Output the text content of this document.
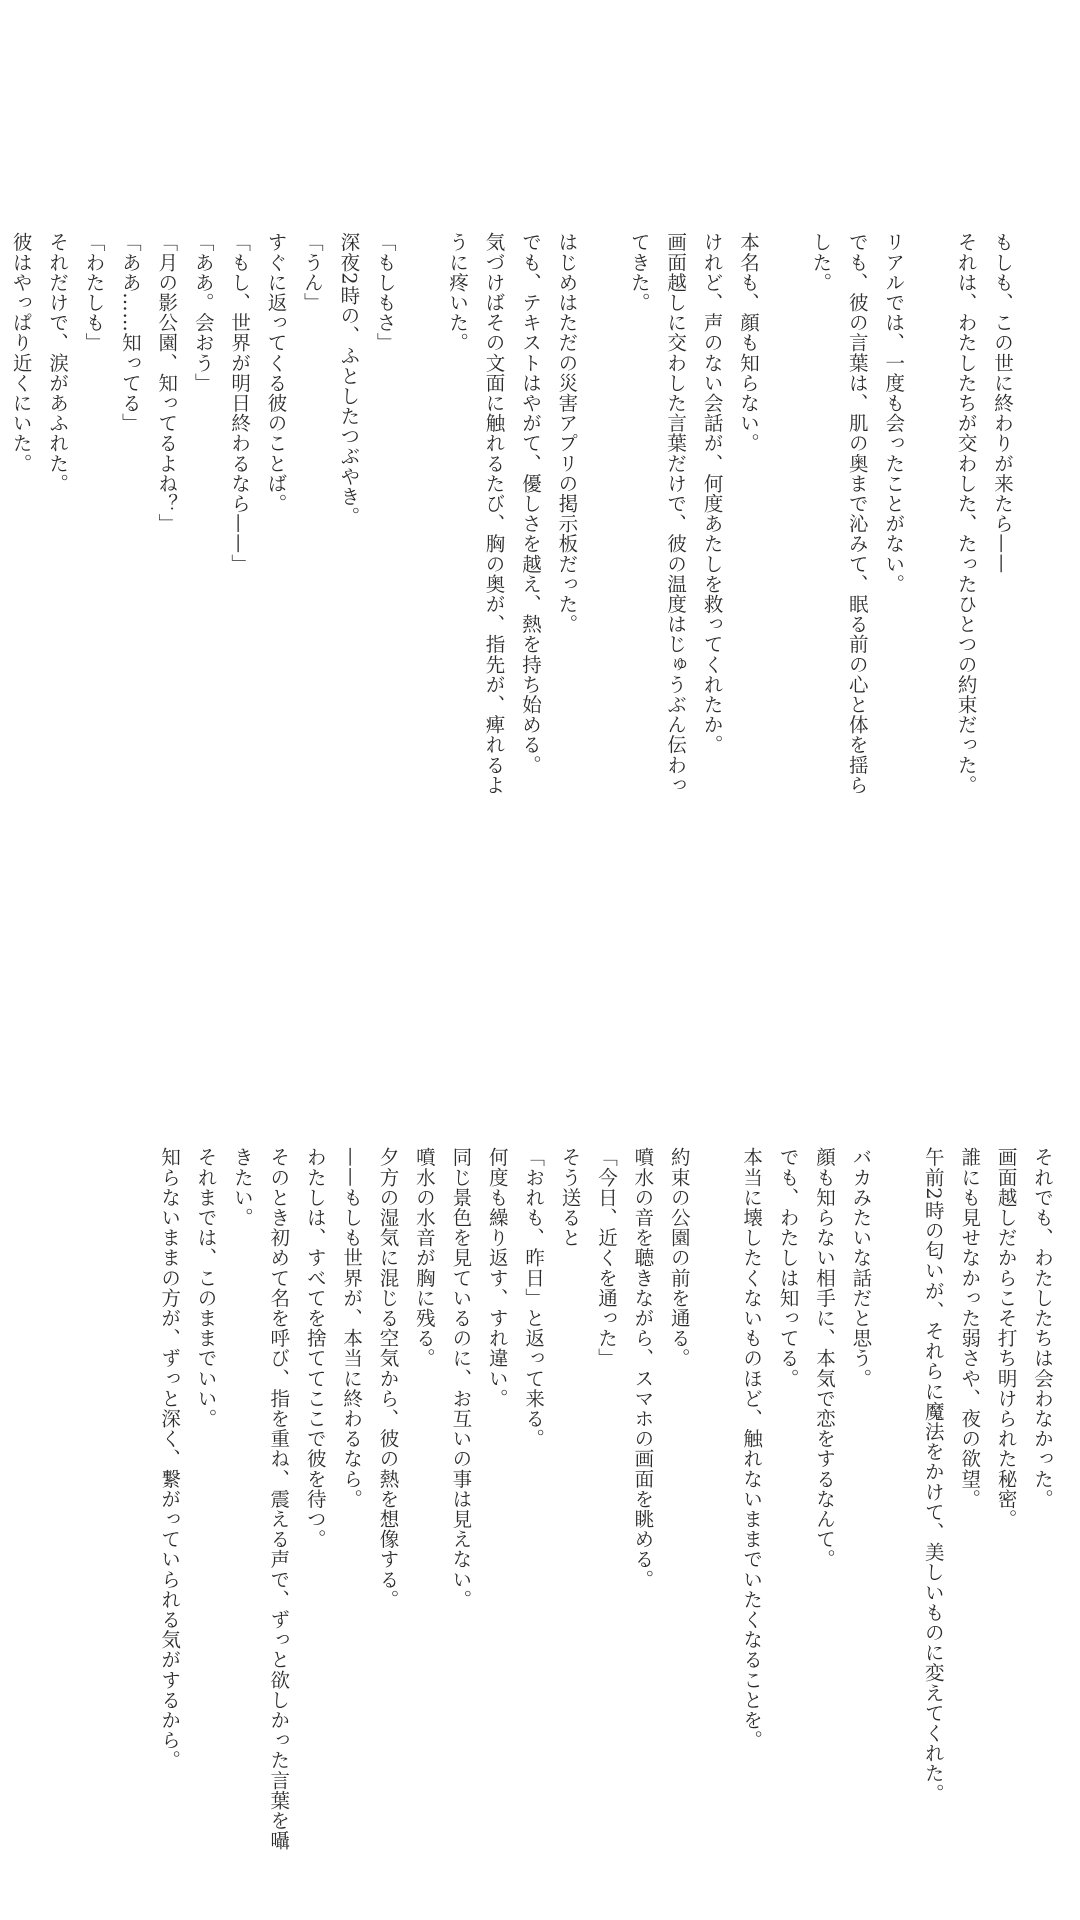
もしも、この世に終わりが来たら——
それは、わたしたちが交わした、たったひとつの約束だった。
リアルでは、一度も会ったことがない。
でも、彼の言葉は、肌の奥まで沁みて、眠る前の心と体を揺らした。
本名も、顔も知らない。
けれど、声のない会話が、何度あたしを救ってくれたか。
画面越しに交わした言葉だけで、彼の温度はじゅうぶん伝わってきた。
はじめはただの災害アプリの掲示板だった。
でも、テキストはやがて、優しさを越え、熱を持ち始める。
気づけばその文面に触れるたび、胸の奥が、指先が、痺れるように疼いた。
「もしもさ」
深夜2時の、ふとしたつぶやき。
「うん」
すぐに返ってくる彼のことば。
「もし、世界が明日終わるなら——」
「ああ。会おう」
「月の影公園、知ってるよね？」
「ああ……知ってる」
「わたしも」
それだけで、涙があふれた。
彼はやっぱり近くにいた。
それでも、わたしたちは会わなかった。
画面越しだからこそ打ち明けられた秘密。
誰にも見せなかった弱さや、夜の欲望。
午前2時の匂いが、それらに魔法をかけて、美しいものに変えてくれた。
バカみたいな話だと思う。
顔も知らない相手に、本気で恋をするなんて。
でも、わたしは知ってる。
本当に壊したくないものほど、触れないままでいたくなることを。
約束の公園の前を通る。
噴水の音を聴きながら、スマホの画面を眺める。
「今日、近くを通った」
そう送ると
「おれも、昨日」と返って来る。
何度も繰り返す、すれ違い。
同じ景色を見ているのに、お互いの事は見えない。
噴水の水音が胸に残る。
夕方の湿気に混じる空気から、彼の熱を想像する。
——もしも世界が、本当に終わるなら。
わたしは、すべてを捨ててここで彼を待つ。
そのとき初めて名を呼び、指を重ね、震える声で、ずっと欲しかった言葉を囁きたい。
それまでは、このままでいい。
知らないままの方が、ずっと深く、繋がっていられる気がするから。
